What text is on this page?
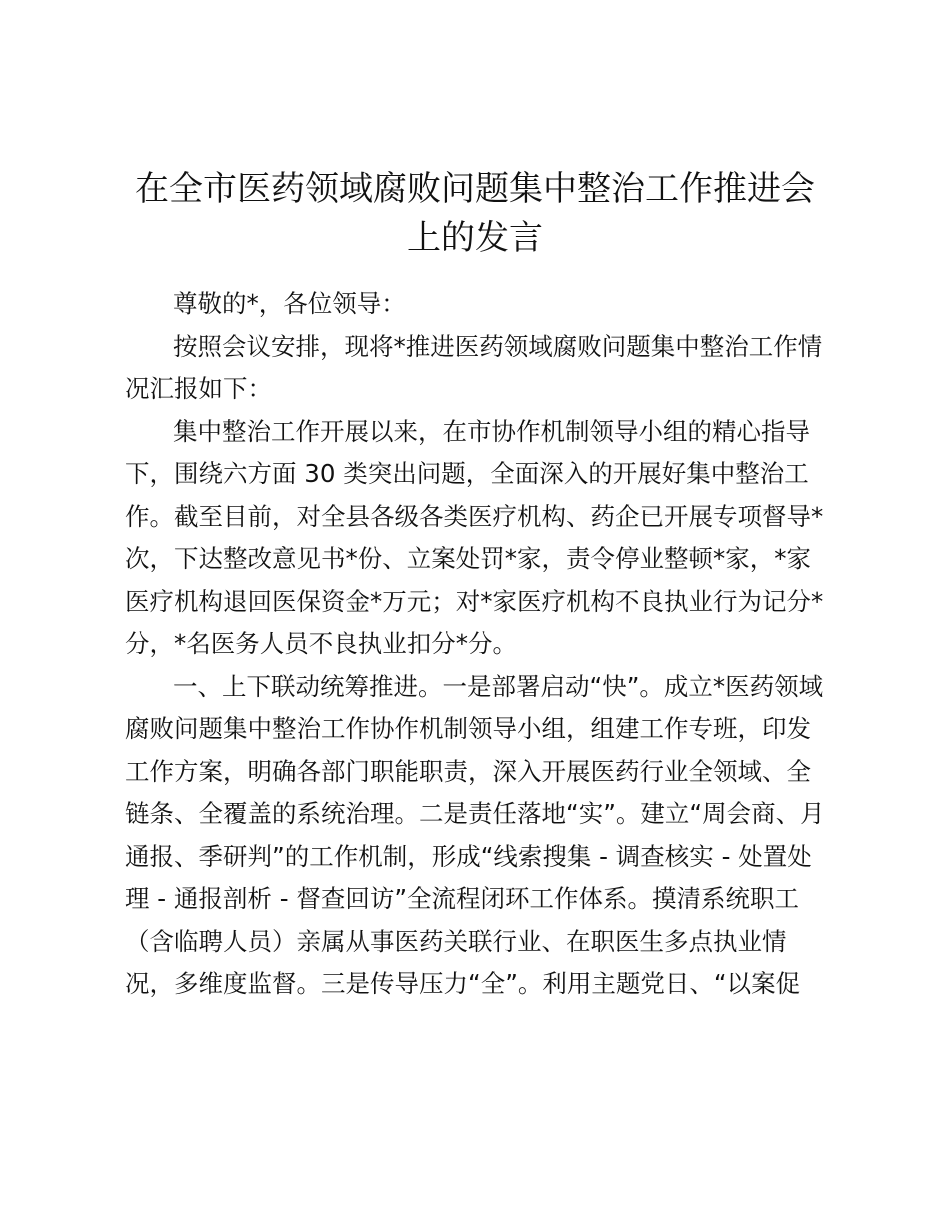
在全市医药领域腐败问题集中整治工作推进会
上的发言
尊敬的*，各位领导：
按照会议安排，现将*推进医药领域腐败问题集中整治工作情
况汇报如下：
集中整治工作开展以来，在市协作机制领导小组的精心指导
下，围绕六方面 30 类突出问题，全面深入的开展好集中整治工
作。截至目前，对全县各级各类医疗机构、药企已开展专项督导*
次，下达整改意见书*份、立案处罚*家，责令停业整顿*家，*家
医疗机构退回医保资金*万元；对*家医疗机构不良执业行为记分*
分，*名医务人员不良执业扣分*分。
一、上下联动统筹推进。一是部署启动“快”。成立*医药领域
腐败问题集中整治工作协作机制领导小组，组建工作专班，印发
工作方案，明确各部门职能职责，深入开展医药行业全领域、全
链条、全覆盖的系统治理。二是责任落地“实”。建立“周会商、月
通报、季研判”的工作机制，形成“线索搜集 - 调查核实 - 处置处
理 - 通报剖析 - 督查回访”全流程闭环工作体系。摸清系统职工
（含临聘人员）亲属从事医药关联行业、在职医生多点执业情
况，多维度监督。三是传导压力“全”。利用主题党日、“以案促
